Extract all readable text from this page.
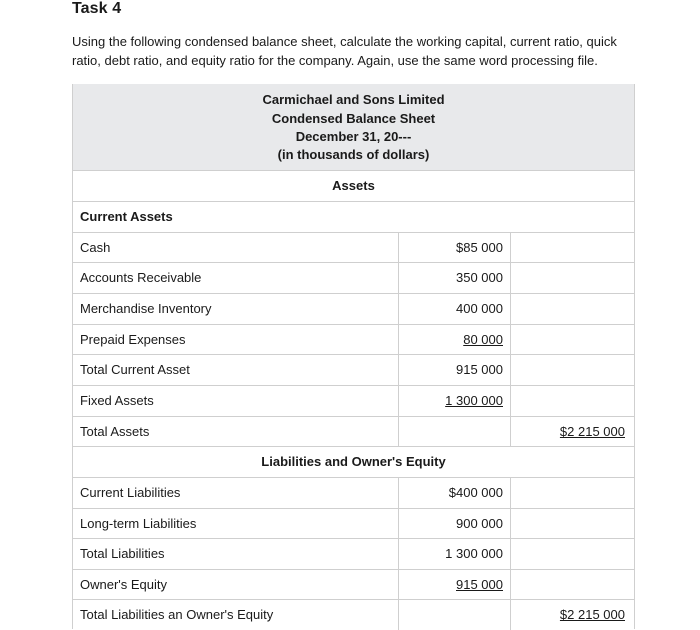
Task 4
Using the following condensed balance sheet, calculate the working capital, current ratio, quick ratio, debt ratio, and equity ratio for the company. Again, use the same word processing file.
Carmichael and Sons Limited
Condensed Balance Sheet
December 31, 20---
(in thousands of dollars)
Assets
Current Assets
Cash	$85 000
Accounts Receivable	350 000
Merchandise Inventory	400 000
Prepaid Expenses	80 000
Total Current Asset	915 000
Fixed Assets	1 300 000
Total Assets	$2 215 000
Liabilities and Owner's Equity
Current Liabilities	$400 000
Long-term Liabilities	900 000
Total Liabilities	1 300 000
Owner's Equity	915 000
Total Liabilities an Owner's Equity	$2 215 000
